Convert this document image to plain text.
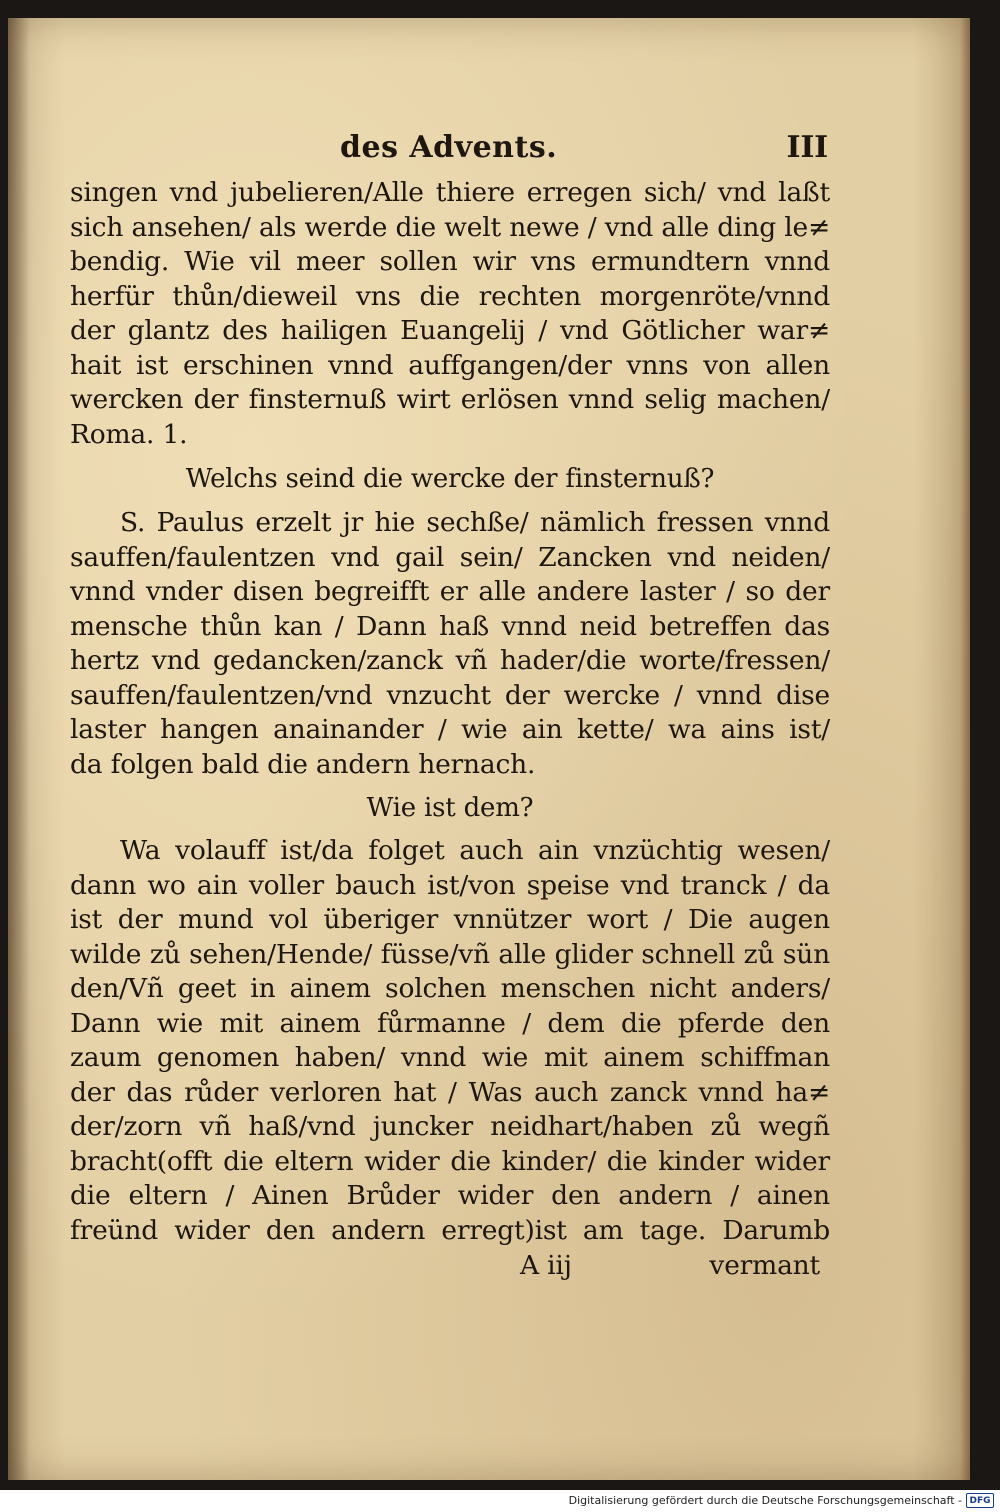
des Advents.	III
singen vnd jubelieren/Alle thiere erregen sich/ vnd laßt
sich ansehen/ als werde die welt newe / vnd alle ding le≠
bendig. Wie vil meer sollen wir vns ermundtern vnnd
herfür thůn/dieweil vns die rechten morgenröte/vnnd
der glantz des hailigen Euangelij / vnd Götlicher war≠
hait ist erschinen vnnd auffgangen/der vnns von allen
wercken der finsternuß wirt erlösen vnnd selig machen/
Roma. 1.
Welchs seind die wercke der finsternuß?
S. Paulus erzelt jr hie sechße/ nämlich fressen vnnd
sauffen/faulentzen vnd gail sein/ Zancken vnd neiden/
vnnd vnder disen begreifft er alle andere laster / so der
mensche thůn kan / Dann haß vnnd neid betreffen das
hertz vnd gedancken/zanck vñ hader/die worte/fressen/
sauffen/faulentzen/vnd vnzucht der wercke / vnnd dise
laster hangen anainander / wie ain kette/ wa ains ist/
da folgen bald die andern hernach.
Wie ist dem?
Wa volauff ist/da folget auch ain vnzüchtig wesen/
dann wo ain voller bauch ist/von speise vnd tranck / da
ist der mund vol überiger vnnützer wort / Die augen
wilde zů sehen/Hende/ füsse/vñ alle glider schnell zů sün
den/Vñ geet in ainem solchen menschen nicht anders/
Dann wie mit ainem fůrmanne / dem die pferde den
zaum genomen haben/ vnnd wie mit ainem schiffman
der das růder verloren hat / Was auch zanck vnnd ha≠
der/zorn vñ haß/vnd juncker neidhart/haben zů wegñ
bracht(offt die eltern wider die kinder/ die kinder wider
die eltern / Ainen Brůder wider den andern / ainen
freünd wider den andern erregt)ist am tage. Darumb
A iij	vermant
Digitalisierung gefördert durch die Deutsche Forschungsgemeinschaft - DFG
